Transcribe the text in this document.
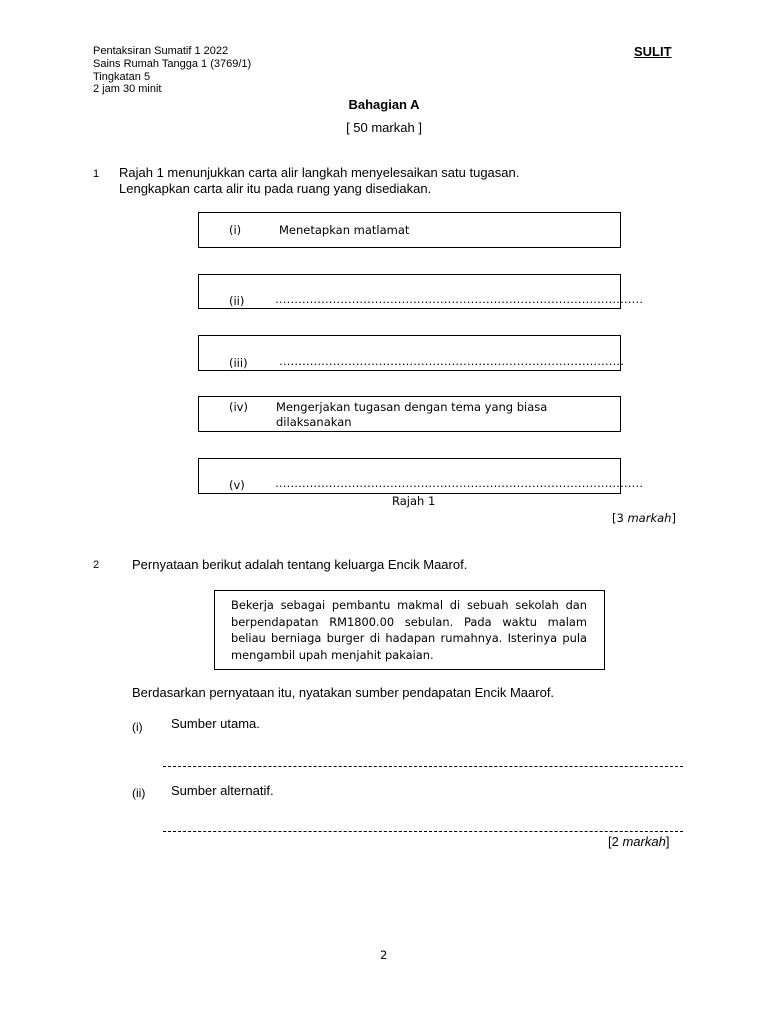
Pentaksiran Sumatif 1 2022
Sains Rumah Tangga 1 (3769/1)
Tingkatan 5
2 jam 30 minit
SULIT
Bahagian A
[ 50 markah ]
1 Rajah 1 menunjukkan carta alir langkah menyelesaikan satu tugasan.
Lengkapkan carta alir itu pada ruang yang disediakan.
(i)	Menetapkan matlamat
(ii)	……………………………………………………………………………………
(iii)	………………………………………………………………………………
(iv) Mengerjakan tugasan dengan tema yang biasa
dilaksanakan
(v)	……………………………………………………………………………………
Rajah 1
[3 markah]
2	Pernyataan berikut adalah tentang keluarga Encik Maarof.
Bekerja sebagai pembantu makmal di sebuah sekolah dan berpendapatan RM1800.00 sebulan. Pada waktu malam beliau berniaga burger di hadapan rumahnya. Isterinya pula mengambil upah menjahit pakaian.
Berdasarkan pernyataan itu, nyatakan sumber pendapatan Encik Maarof.
(i) Sumber utama.
(ii) Sumber alternatif.
[2 markah]
2
